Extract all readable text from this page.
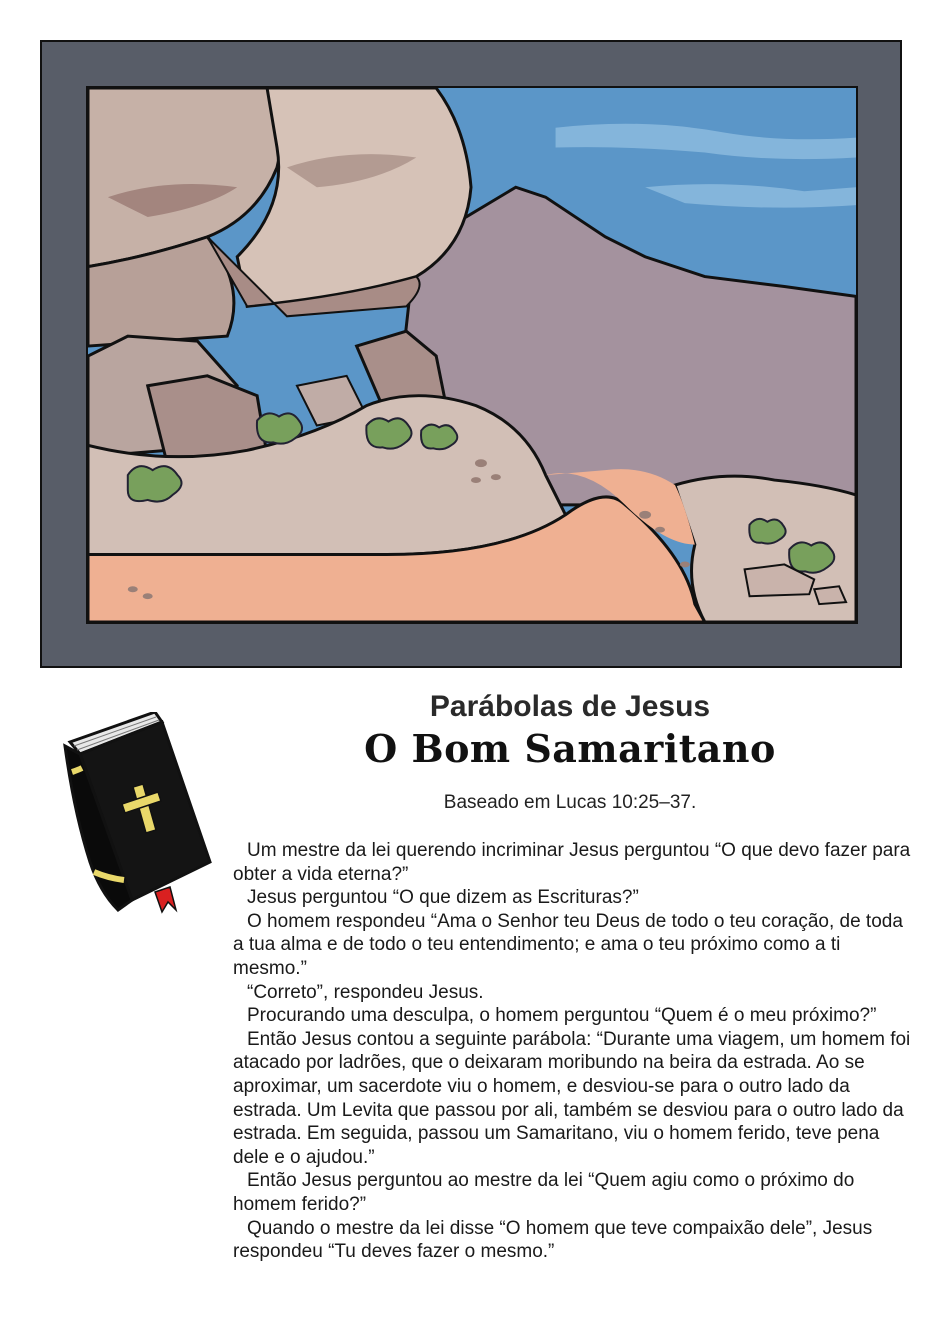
Parábolas de Jesus
O Bom Samaritano
Baseado em Lucas 10:25–37.

Um mestre da lei querendo incriminar Jesus perguntou “O que devo fazer para obter a vida eterna?”

Jesus perguntou “O que dizem as Escrituras?”

O homem respondeu “Ama o Senhor teu Deus de todo o teu coração, de toda a tua alma e de todo o teu entendimento; e ama o teu próximo como a ti mesmo.”

“Correto”, respondeu Jesus.

Procurando uma desculpa, o homem perguntou “Quem é o meu próximo?”

Então Jesus contou a seguinte parábola: “Durante uma viagem, um homem foi atacado por ladrões, que o deixaram moribundo na beira da estrada. Ao se aproximar, um sacerdote viu o homem, e desviou-se para o outro lado da estrada. Um Levita que passou por ali, também se desviou para o outro lado da estrada. Em seguida, passou um Samaritano, viu o homem ferido, teve pena dele e o ajudou.”

Então Jesus perguntou ao mestre da lei “Quem agiu como o próximo do homem ferido?”

Quando o mestre da lei disse “O homem que teve compaixão dele”, Jesus respondeu “Tu deves fazer o mesmo.”
